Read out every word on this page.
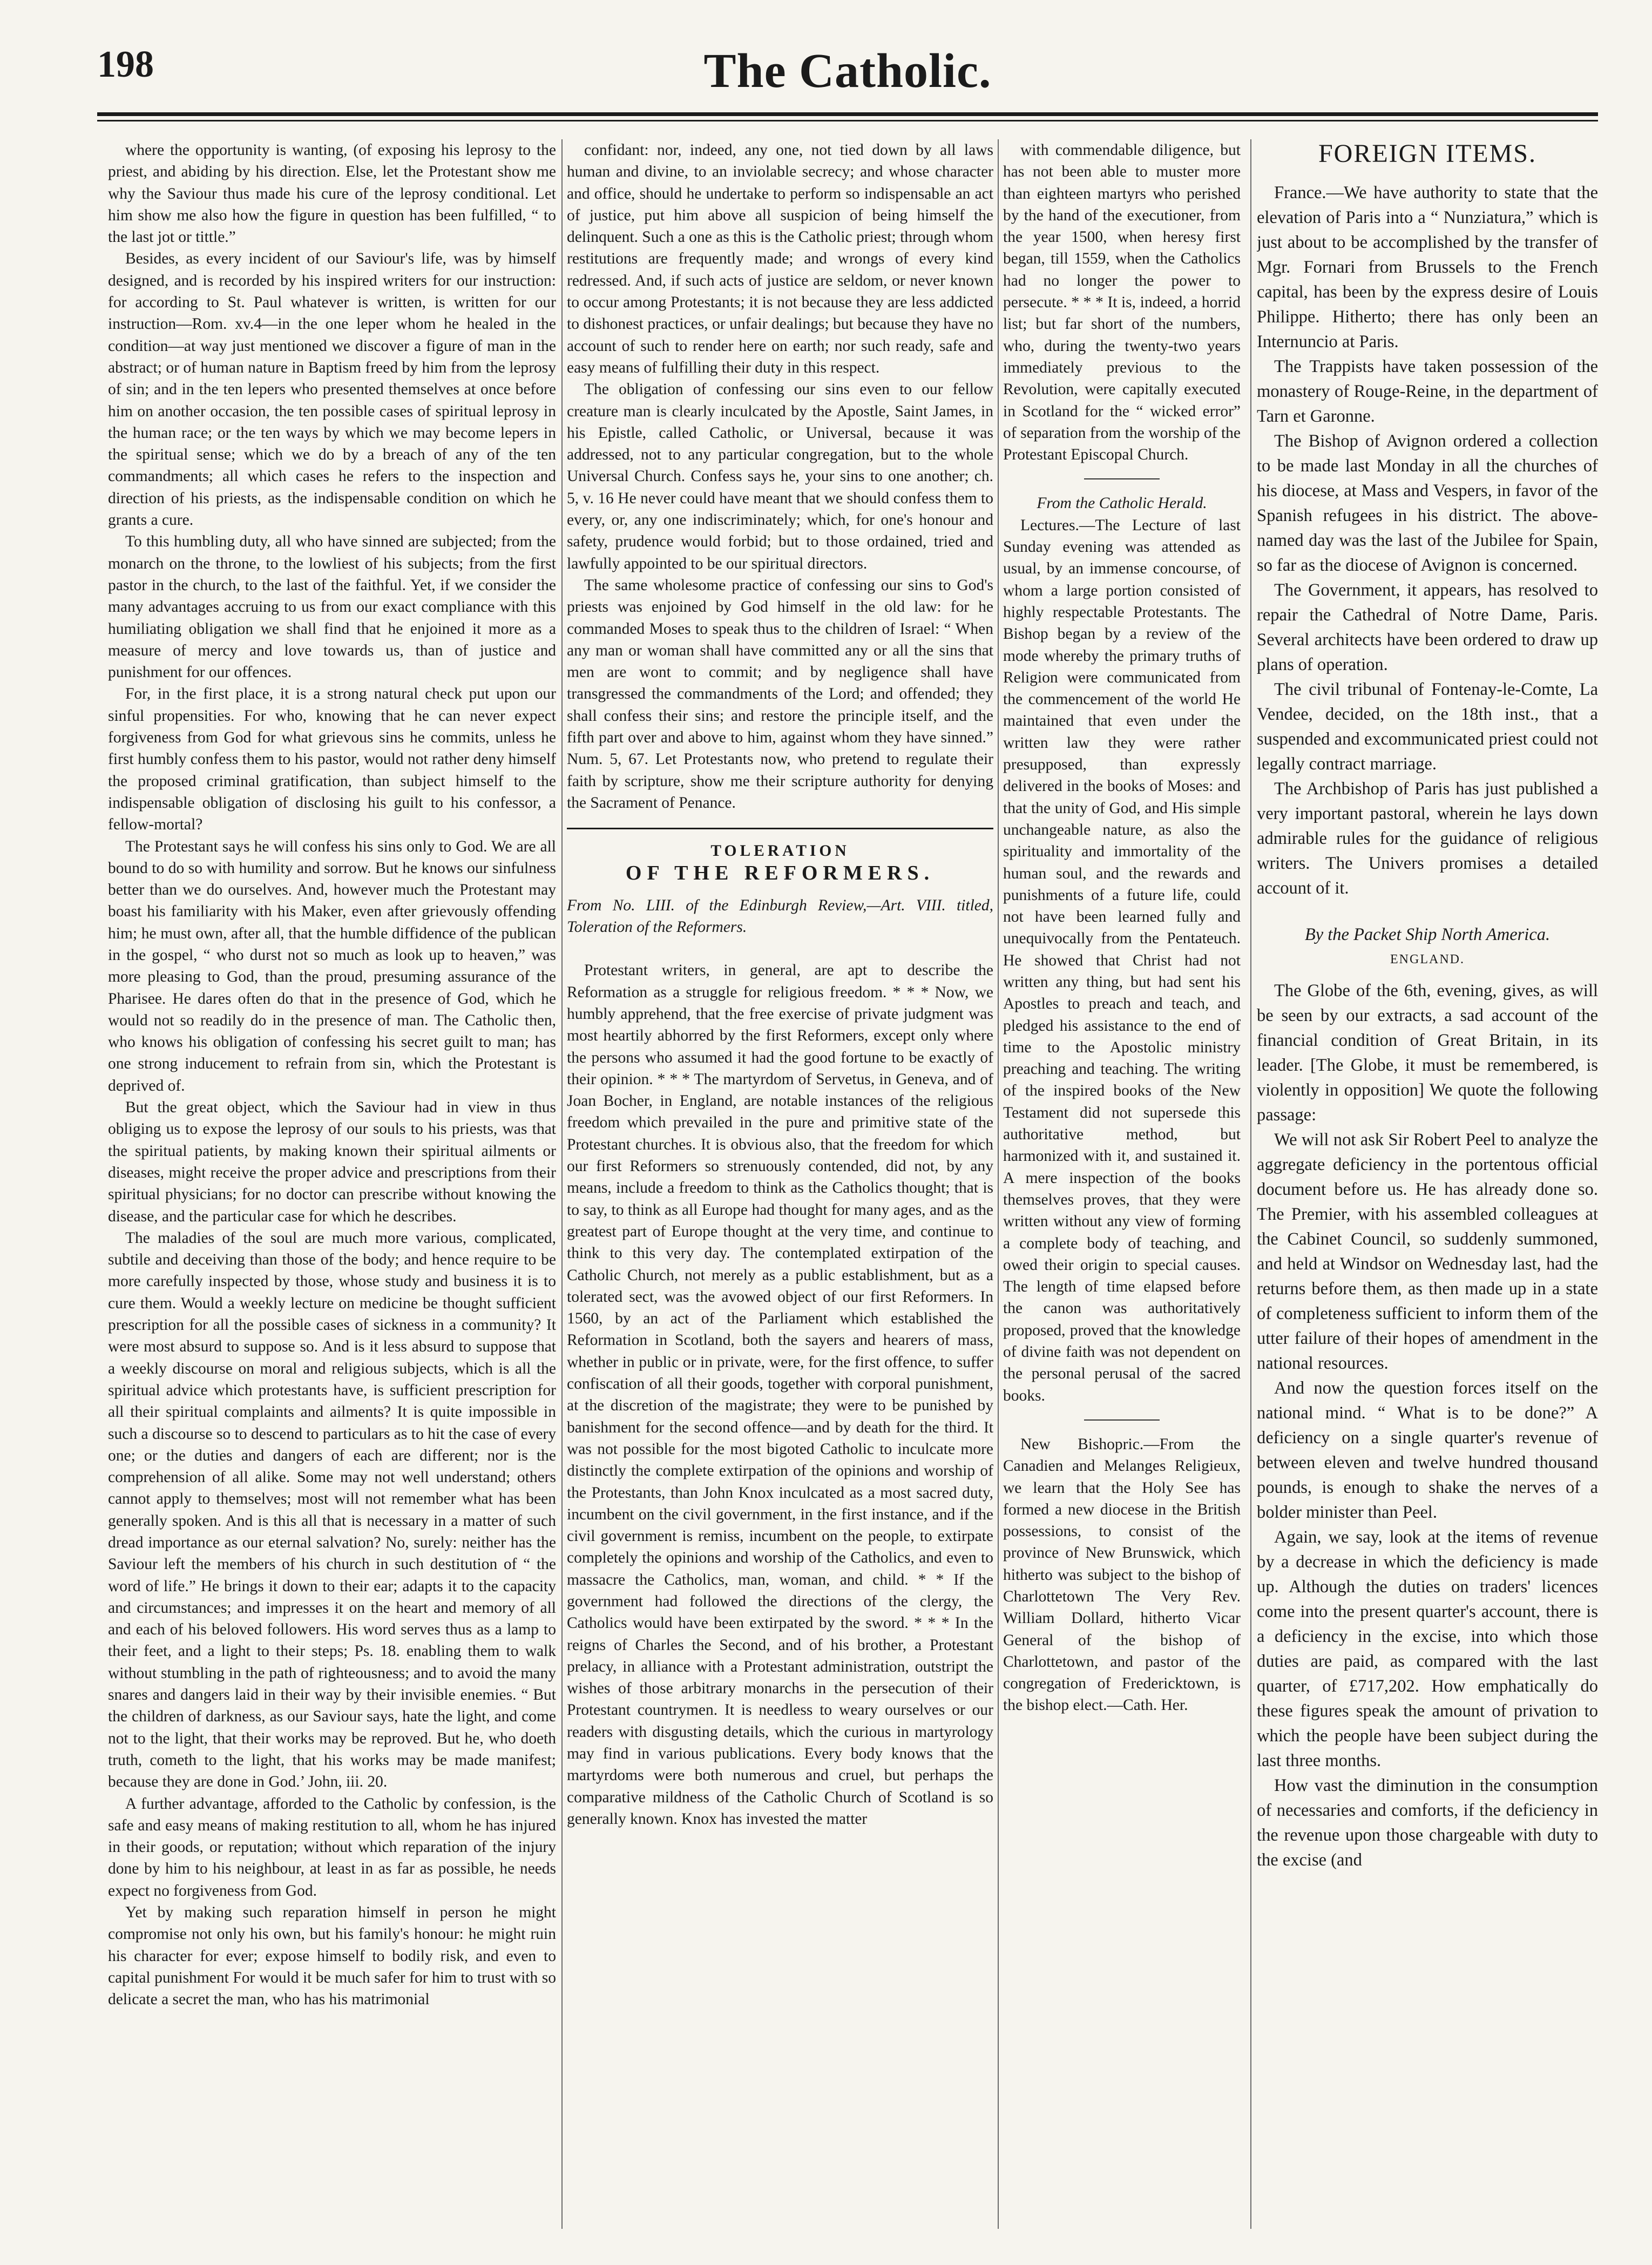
198	The Catholic.

where the opportunity is wanting, (of exposing his leprosy to the priest, and abiding by his direction. Else, let the Protestant show me why the Saviour thus made his cure of the leprosy conditional. Let him show me also how the figure in question has been fulfilled, “ to the last jot or tittle.”

Besides, as every incident of our Saviour's life, was by himself designed, and is recorded by his inspired writers for our instruction: for according to St. Paul whatever is written, is written for our instruction—Rom. xv.4—in the one leper whom he healed in the condition—at way just mentioned we discover a figure of man in the abstract; or of human nature in Baptism freed by him from the leprosy of sin; and in the ten lepers who presented themselves at once before him on another occasion, the ten possible cases of spiritual leprosy in the human race; or the ten ways by which we may become lepers in the spiritual sense; which we do by a breach of any of the ten commandments; all which cases he refers to the inspection and direction of his priests, as the indispensable condition on which he grants a cure.

To this humbling duty, all who have sinned are subjected; from the monarch on the throne, to the lowliest of his subjects; from the first pastor in the church, to the last of the faithful. Yet, if we consider the many advantages accruing to us from our exact compliance with this humiliating obligation we shall find that he enjoined it more as a measure of mercy and love towards us, than of justice and punishment for our offences.

For, in the first place, it is a strong natural check put upon our sinful propensities. For who, knowing that he can never expect forgiveness from God for what grievous sins he commits, unless he first humbly confess them to his pastor, would not rather deny himself the proposed criminal gratification, than subject himself to the indispensable obligation of disclosing his guilt to his confessor, a fellow-mortal?

The Protestant says he will confess his sins only to God. We are all bound to do so with humility and sorrow. But he knows our sinfulness better than we do ourselves. And, however much the Protestant may boast his familiarity with his Maker, even after grievously offending him; he must own, after all, that the humble diffidence of the publican in the gospel, “ who durst not so much as look up to heaven,” was more pleasing to God, than the proud, presuming assurance of the Pharisee. He dares often do that in the presence of God, which he would not so readily do in the presence of man. The Catholic then, who knows his obligation of confessing his secret guilt to man; has one strong inducement to refrain from sin, which the Protestant is deprived of.

But the great object, which the Saviour had in view in thus obliging us to expose the leprosy of our souls to his priests, was that the spiritual patients, by making known their spiritual ailments or diseases, might receive the proper advice and prescriptions from their spiritual physicians; for no doctor can prescribe without knowing the disease, and the particular case for which he describes.

The maladies of the soul are much more various, complicated, subtile and deceiving than those of the body; and hence require to be more carefully inspected by those, whose study and business it is to cure them. Would a weekly lecture on medicine be thought sufficient prescription for all the possible cases of sickness in a community? It were most absurd to suppose so. And is it less absurd to suppose that a weekly discourse on moral and religious subjects, which is all the spiritual advice which protestants have, is sufficient prescription for all their spiritual complaints and ailments? It is quite impossible in such a discourse so to descend to particulars as to hit the case of every one; or the duties and dangers of each are different; nor is the comprehension of all alike. Some may not well understand; others cannot apply to themselves; most will not remember what has been generally spoken. And is this all that is necessary in a matter of such dread importance as our eternal salvation? No, surely: neither has the Saviour left the members of his church in such destitution of “ the word of life.” He brings it down to their ear; adapts it to the capacity and circumstances; and impresses it on the heart and memory of all and each of his beloved followers. His word serves thus as a lamp to their feet, and a light to their steps; Ps. 18. enabling them to walk without stumbling in the path of righteousness; and to avoid the many snares and dangers laid in their way by their invisible enemies. “ But the children of darkness, as our Saviour says, hate the light, and come not to the light, that their works may be reproved. But he, who doeth truth, cometh to the light, that his works may be made manifest; because they are done in God.’ John, iii. 20.

A further advantage, afforded to the Catholic by confession, is the safe and easy means of making restitution to all, whom he has injured in their goods, or reputation; without which reparation of the injury done by him to his neighbour, at least in as far as possible, he needs expect no forgiveness from God.

Yet by making such reparation himself in person he might compromise not only his own, but his family's honour: he might ruin his character for ever; expose himself to bodily risk, and even to capital punishment For would it be much safer for him to trust with so delicate a secret the man, who has his matrimonial

confidant: nor, indeed, any one, not tied down by all laws human and divine, to an inviolable secrecy; and whose character and office, should he undertake to perform so indispensable an act of justice, put him above all suspicion of being himself the delinquent. Such a one as this is the Catholic priest; through whom restitutions are frequently made; and wrongs of every kind redressed. And, if such acts of justice are seldom, or never known to occur among Protestants; it is not because they are less addicted to dishonest practices, or unfair dealings; but because they have no account of such to render here on earth; nor such ready, safe and easy means of fulfilling their duty in this respect.

The obligation of confessing our sins even to our fellow creature man is clearly inculcated by the Apostle, Saint James, in his Epistle, called Catholic, or Universal, because it was addressed, not to any particular congregation, but to the whole Universal Church. Confess says he, your sins to one another; ch. 5, v. 16 He never could have meant that we should confess them to every, or, any one indiscriminately; which, for one's honour and safety, prudence would forbid; but to those ordained, tried and lawfully appointed to be our spiritual directors.

The same wholesome practice of confessing our sins to God's priests was enjoined by God himself in the old law: for he commanded Moses to speak thus to the children of Israel: “ When any man or woman shall have committed any or all the sins that men are wont to commit; and by negligence shall have transgressed the commandments of the Lord; and offended; they shall confess their sins; and restore the principle itself, and the fifth part over and above to him, against whom they have sinned.” Num. 5, 67. Let Protestants now, who pretend to regulate their faith by scripture, show me their scripture authority for denying the Sacrament of Penance.

TOLERATION

OF THE REFORMERS.

From No. LIII. of the Edinburgh Review,—Art. VIII. titled, Toleration of the Reformers.

Protestant writers, in general, are apt to describe the Reformation as a struggle for religious freedom. * * * Now, we humbly apprehend, that the free exercise of private judgment was most heartily abhorred by the first Reformers, except only where the persons who assumed it had the good fortune to be exactly of their opinion. * * * The martyrdom of Servetus, in Geneva, and of Joan Bocher, in England, are notable instances of the religious freedom which prevailed in the pure and primitive state of the Protestant churches. It is obvious also, that the freedom for which our first Reformers so strenuously contended, did not, by any means, include a freedom to think as the Catholics thought; that is to say, to think as all Europe had thought for many ages, and as the greatest part of Europe thought at the very time, and continue to think to this very day. The contemplated extirpation of the Catholic Church, not merely as a public establishment, but as a tolerated sect, was the avowed object of our first Reformers. In 1560, by an act of the Parliament which established the Reformation in Scotland, both the sayers and hearers of mass, whether in public or in private, were, for the first offence, to suffer confiscation of all their goods, together with corporal punishment, at the discretion of the magistrate; they were to be punished by banishment for the second offence—and by death for the third. It was not possible for the most bigoted Catholic to inculcate more distinctly the complete extirpation of the opinions and worship of the Protestants, than John Knox inculcated as a most sacred duty, incumbent on the civil government, in the first instance, and if the civil government is remiss, incumbent on the people, to extirpate completely the opinions and worship of the Catholics, and even to massacre the Catholics, man, woman, and child. * * If the government had followed the directions of the clergy, the Catholics would have been extirpated by the sword. * * * In the reigns of Charles the Second, and of his brother, a Protestant prelacy, in alliance with a Protestant administration, outstript the wishes of those arbitrary monarchs in the persecution of their Protestant countrymen. It is needless to weary ourselves or our readers with disgusting details, which the curious in martyrology may find in various publications. Every body knows that the martyrdoms were both numerous and cruel, but perhaps the comparative mildness of the Catholic Church of Scotland is so generally known. Knox has invested the matter

with commendable diligence, but has not been able to muster more than eighteen martyrs who perished by the hand of the executioner, from the year 1500, when heresy first began, till 1559, when the Catholics had no longer the power to persecute. * * * It is, indeed, a horrid list; but far short of the numbers, who, during the twenty-two years immediately previous to the Revolution, were capitally executed in Scotland for the “ wicked error” of separation from the worship of the Protestant Episcopal Church.

From the Catholic Herald.

Lectures.—The Lecture of last Sunday evening was attended as usual, by an immense concourse, of whom a large portion consisted of highly respectable Protestants. The Bishop began by a review of the mode whereby the primary truths of Religion were communicated from the commencement of the world He maintained that even under the written law they were rather presupposed, than expressly delivered in the books of Moses: and that the unity of God, and His simple unchangeable nature, as also the spirituality and immortality of the human soul, and the rewards and punishments of a future life, could not have been learned fully and unequivocally from the Pentateuch. He showed that Christ had not written any thing, but had sent his Apostles to preach and teach, and pledged his assistance to the end of time to the Apostolic ministry preaching and teaching. The writing of the inspired books of the New Testament did not supersede this authoritative method, but harmonized with it, and sustained it. A mere inspection of the books themselves proves, that they were written without any view of forming a complete body of teaching, and owed their origin to special causes. The length of time elapsed before the canon was authoritatively proposed, proved that the knowledge of divine faith was not dependent on the personal perusal of the sacred books.

New Bishopric.—From the Canadien and Melanges Religieux, we learn that the Holy See has formed a new diocese in the British possessions, to consist of the province of New Brunswick, which hitherto was subject to the bishop of Charlottetown The Very Rev. William Dollard, hitherto Vicar General of the bishop of Charlottetown, and pastor of the congregation of Fredericktown, is the bishop elect.—Cath. Her.

FOREIGN ITEMS.

France.—We have authority to state that the elevation of Paris into a “ Nunziatura,” which is just about to be accomplished by the transfer of Mgr. Fornari from Brussels to the French capital, has been by the express desire of Louis Philippe. Hitherto; there has only been an Internuncio at Paris.

The Trappists have taken possession of the monastery of Rouge-Reine, in the department of Tarn et Garonne.

The Bishop of Avignon ordered a collection to be made last Monday in all the churches of his diocese, at Mass and Vespers, in favor of the Spanish refugees in his district. The above-named day was the last of the Jubilee for Spain, so far as the diocese of Avignon is concerned.

The Government, it appears, has resolved to repair the Cathedral of Notre Dame, Paris. Several architects have been ordered to draw up plans of operation.

The civil tribunal of Fontenay-le-Comte, La Vendee, decided, on the 18th inst., that a suspended and excommunicated priest could not legally contract marriage.

The Archbishop of Paris has just published a very important pastoral, wherein he lays down admirable rules for the guidance of religious writers. The Univers promises a detailed account of it.

By the Packet Ship North America.

ENGLAND.

The Globe of the 6th, evening, gives, as will be seen by our extracts, a sad account of the financial condition of Great Britain, in its leader. [The Globe, it must be remembered, is violently in opposition] We quote the following passage:

We will not ask Sir Robert Peel to analyze the aggregate deficiency in the portentous official document before us. He has already done so. The Premier, with his assembled colleagues at the Cabinet Council, so suddenly summoned, and held at Windsor on Wednesday last, had the returns before them, as then made up in a state of completeness sufficient to inform them of the utter failure of their hopes of amendment in the national resources.

And now the question forces itself on the national mind. “ What is to be done?” A deficiency on a single quarter's revenue of between eleven and twelve hundred thousand pounds, is enough to shake the nerves of a bolder minister than Peel.

Again, we say, look at the items of revenue by a decrease in which the deficiency is made up. Although the duties on traders' licences come into the present quarter's account, there is a deficiency in the excise, into which those duties are paid, as compared with the last quarter, of £717,202. How emphatically do these figures speak the amount of privation to which the people have been subject during the last three months.

How vast the diminution in the consumption of necessaries and comforts, if the deficiency in the revenue upon those chargeable with duty to the excise (and
